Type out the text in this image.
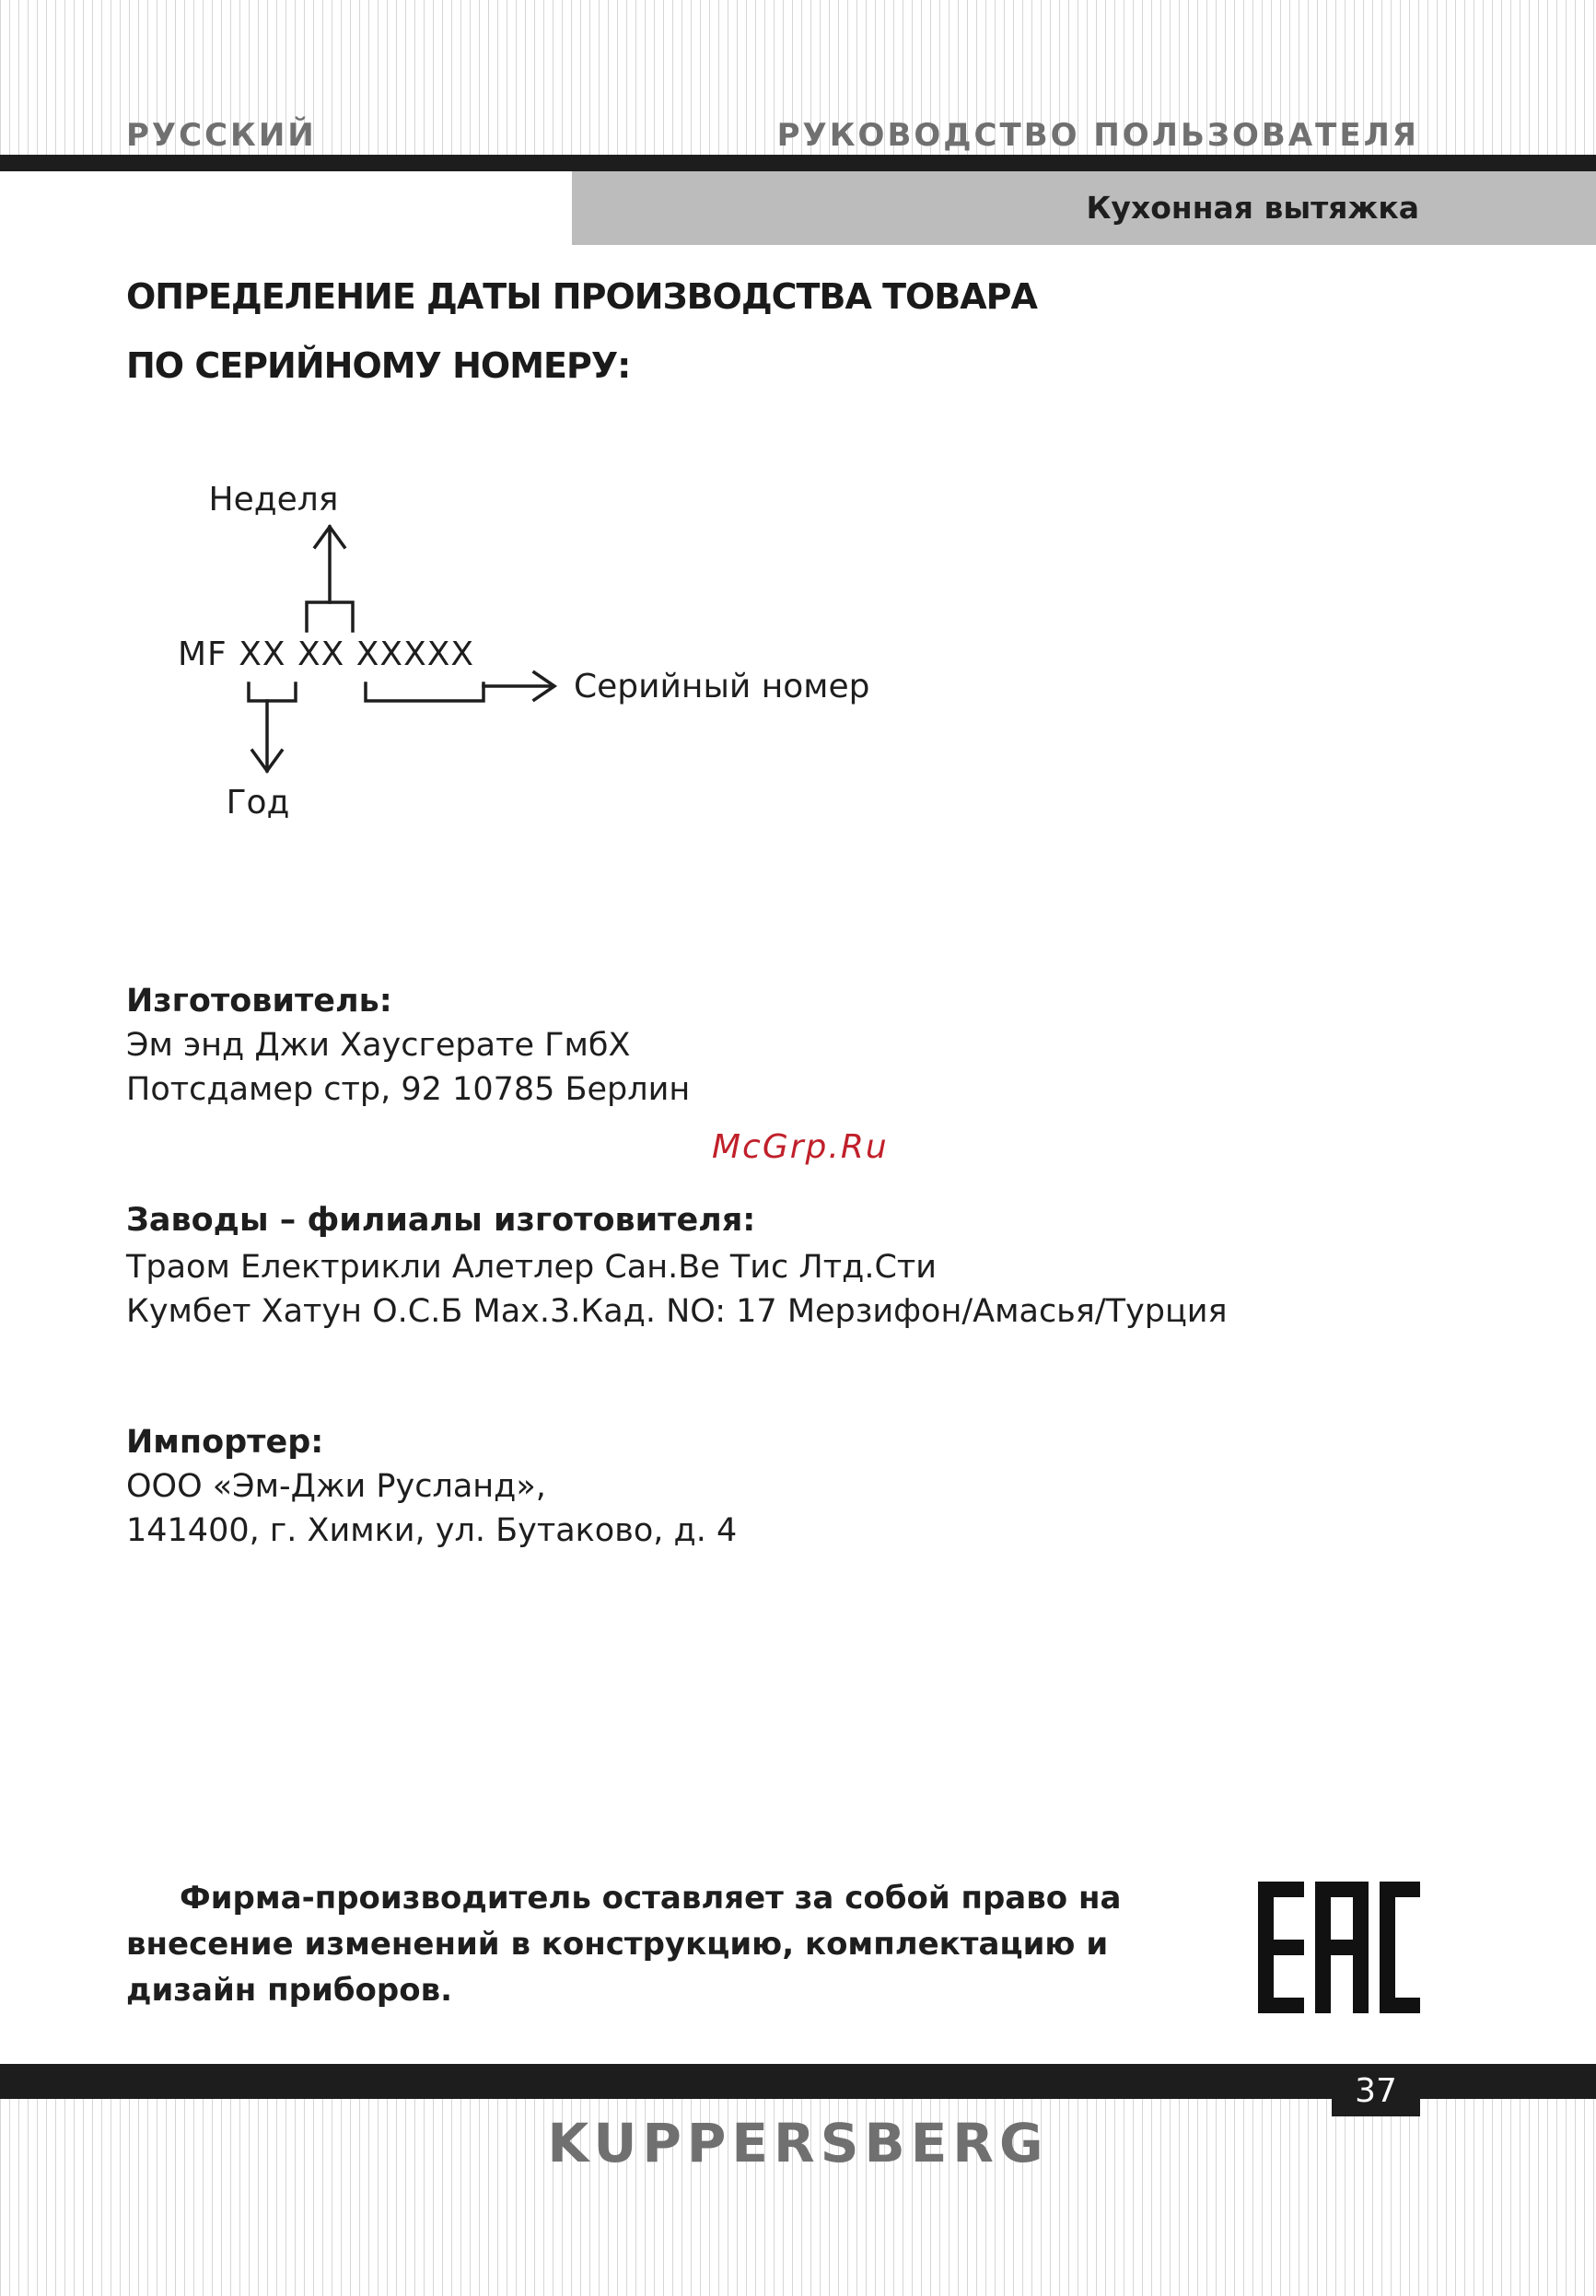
РУССКИЙ	РУКОВОДСТВО ПОЛЬЗОВАТЕЛЯ
Кухонная вытяжка
ОПРЕДЕЛЕНИЕ ДАТЫ ПРОИЗВОДСТВА ТОВАРА
ПО СЕРИЙНОМУ НОМЕРУ:
Неделя
MF XX XX XXXXX
Серийный номер
Год
Изготовитель:
Эм энд Джи Хаусгерате ГмбХ
Потсдамер стр, 92 10785 Берлин
McGrp.Ru
Заводы – филиалы изготовителя:
Траом Електрикли Алетлер Сан.Ве Тис Лтд.Сти
Кумбет Хатун О.С.Б Мах.3.Кад. NO: 17 Мерзифон/Амасья/Турция
Импортер:
ООО «Эм-Джи Русланд»,
141400, г. Химки, ул. Бутаково, д. 4

Фирма-производитель оставляет за собой право на внесение изменений в конструкцию, комплектацию и дизайн приборов.

37
KUPPERSBERG
